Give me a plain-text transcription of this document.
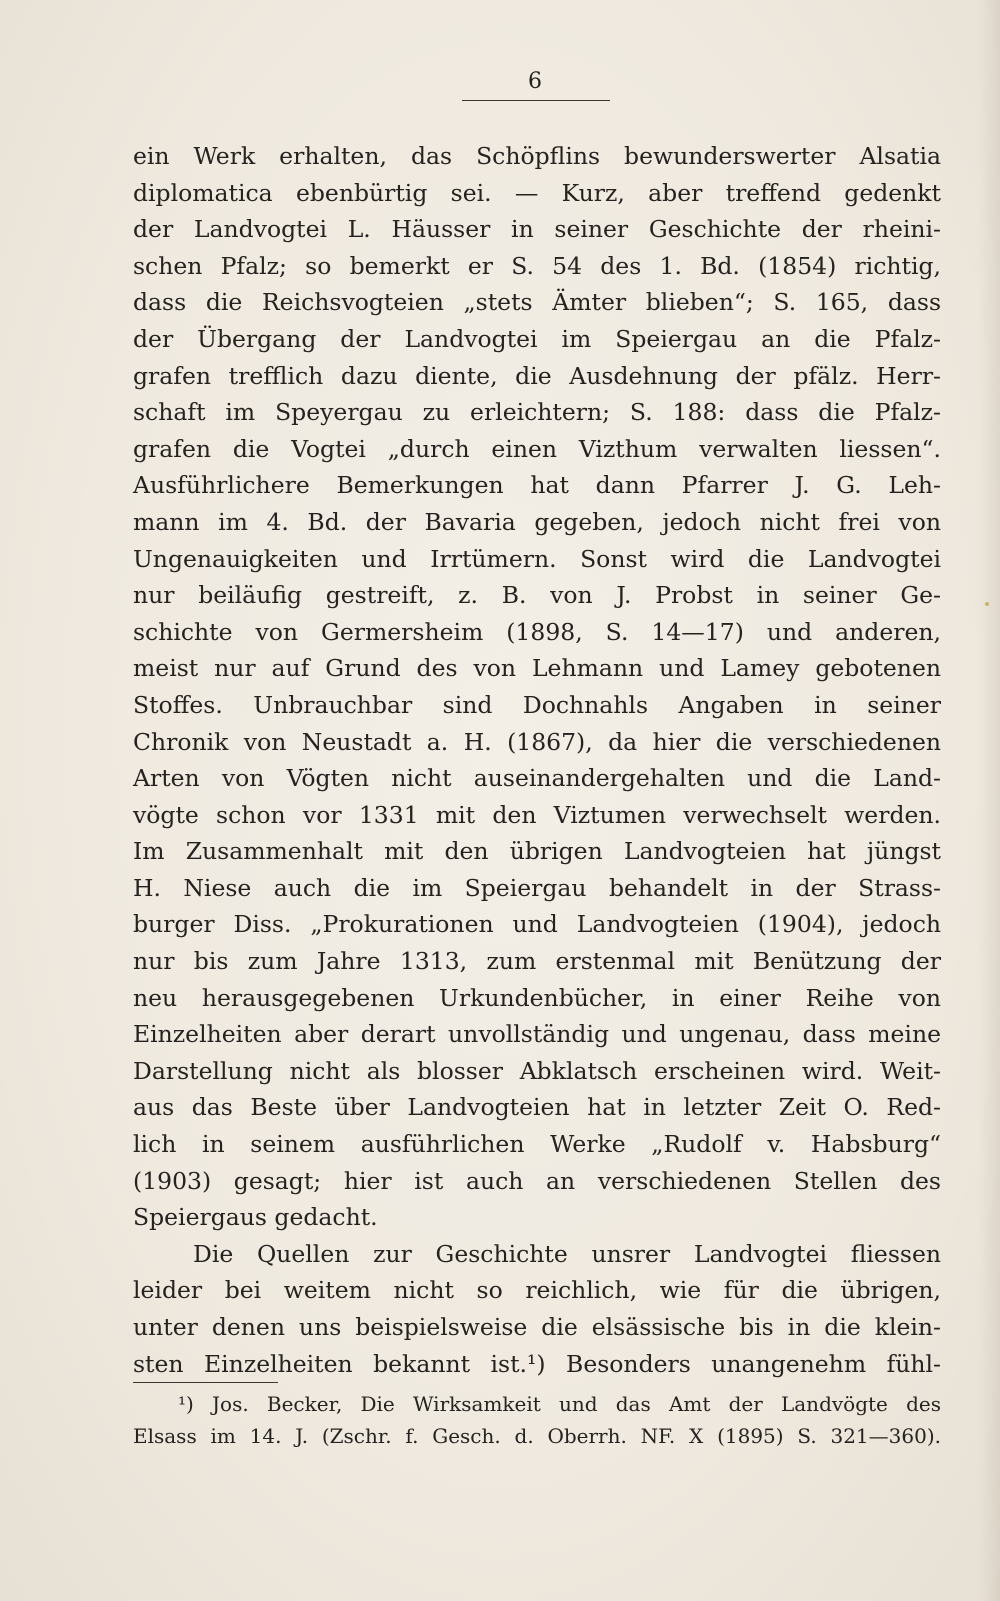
6
ein Werk erhalten, das Schöpflins bewunderswerter Alsatia
diplomatica ebenbürtig sei. — Kurz, aber treffend gedenkt
der Landvogtei L. Häusser in seiner Geschichte der rheini-
schen Pfalz; so bemerkt er S. 54 des 1. Bd. (1854) richtig,
dass die Reichsvogteien „stets Ämter blieben“; S. 165, dass
der Übergang der Landvogtei im Speiergau an die Pfalz-
grafen trefflich dazu diente, die Ausdehnung der pfälz. Herr-
schaft im Speyergau zu erleichtern; S. 188: dass die Pfalz-
grafen die Vogtei „durch einen Vizthum verwalten liessen“.
Ausführlichere Bemerkungen hat dann Pfarrer J. G. Leh-
mann im 4. Bd. der Bavaria gegeben, jedoch nicht frei von
Ungenauigkeiten und Irrtümern. Sonst wird die Landvogtei
nur beiläufig gestreift, z. B. von J. Probst in seiner Ge-
schichte von Germersheim (1898, S. 14—17) und anderen,
meist nur auf Grund des von Lehmann und Lamey gebotenen
Stoffes. Unbrauchbar sind Dochnahls Angaben in seiner
Chronik von Neustadt a. H. (1867), da hier die verschiedenen
Arten von Vögten nicht auseinandergehalten und die Land-
vögte schon vor 1331 mit den Viztumen verwechselt werden.
Im Zusammenhalt mit den übrigen Landvogteien hat jüngst
H. Niese auch die im Speiergau behandelt in der Strass-
burger Diss. „Prokurationen und Landvogteien (1904), jedoch
nur bis zum Jahre 1313, zum erstenmal mit Benützung der
neu herausgegebenen Urkundenbücher, in einer Reihe von
Einzelheiten aber derart unvollständig und ungenau, dass meine
Darstellung nicht als blosser Abklatsch erscheinen wird. Weit-
aus das Beste über Landvogteien hat in letzter Zeit O. Red-
lich in seinem ausführlichen Werke „Rudolf v. Habsburg“
(1903) gesagt; hier ist auch an verschiedenen Stellen des
Speiergaus gedacht.
Die Quellen zur Geschichte unsrer Landvogtei fliessen
leider bei weitem nicht so reichlich, wie für die übrigen,
unter denen uns beispielsweise die elsässische bis in die klein-
sten Einzelheiten bekannt ist.¹) Besonders unangenehm fühl-
¹) Jos. Becker, Die Wirksamkeit und das Amt der Landvögte des
Elsass im 14. J. (Zschr. f. Gesch. d. Oberrh. NF. X (1895) S. 321—360).
